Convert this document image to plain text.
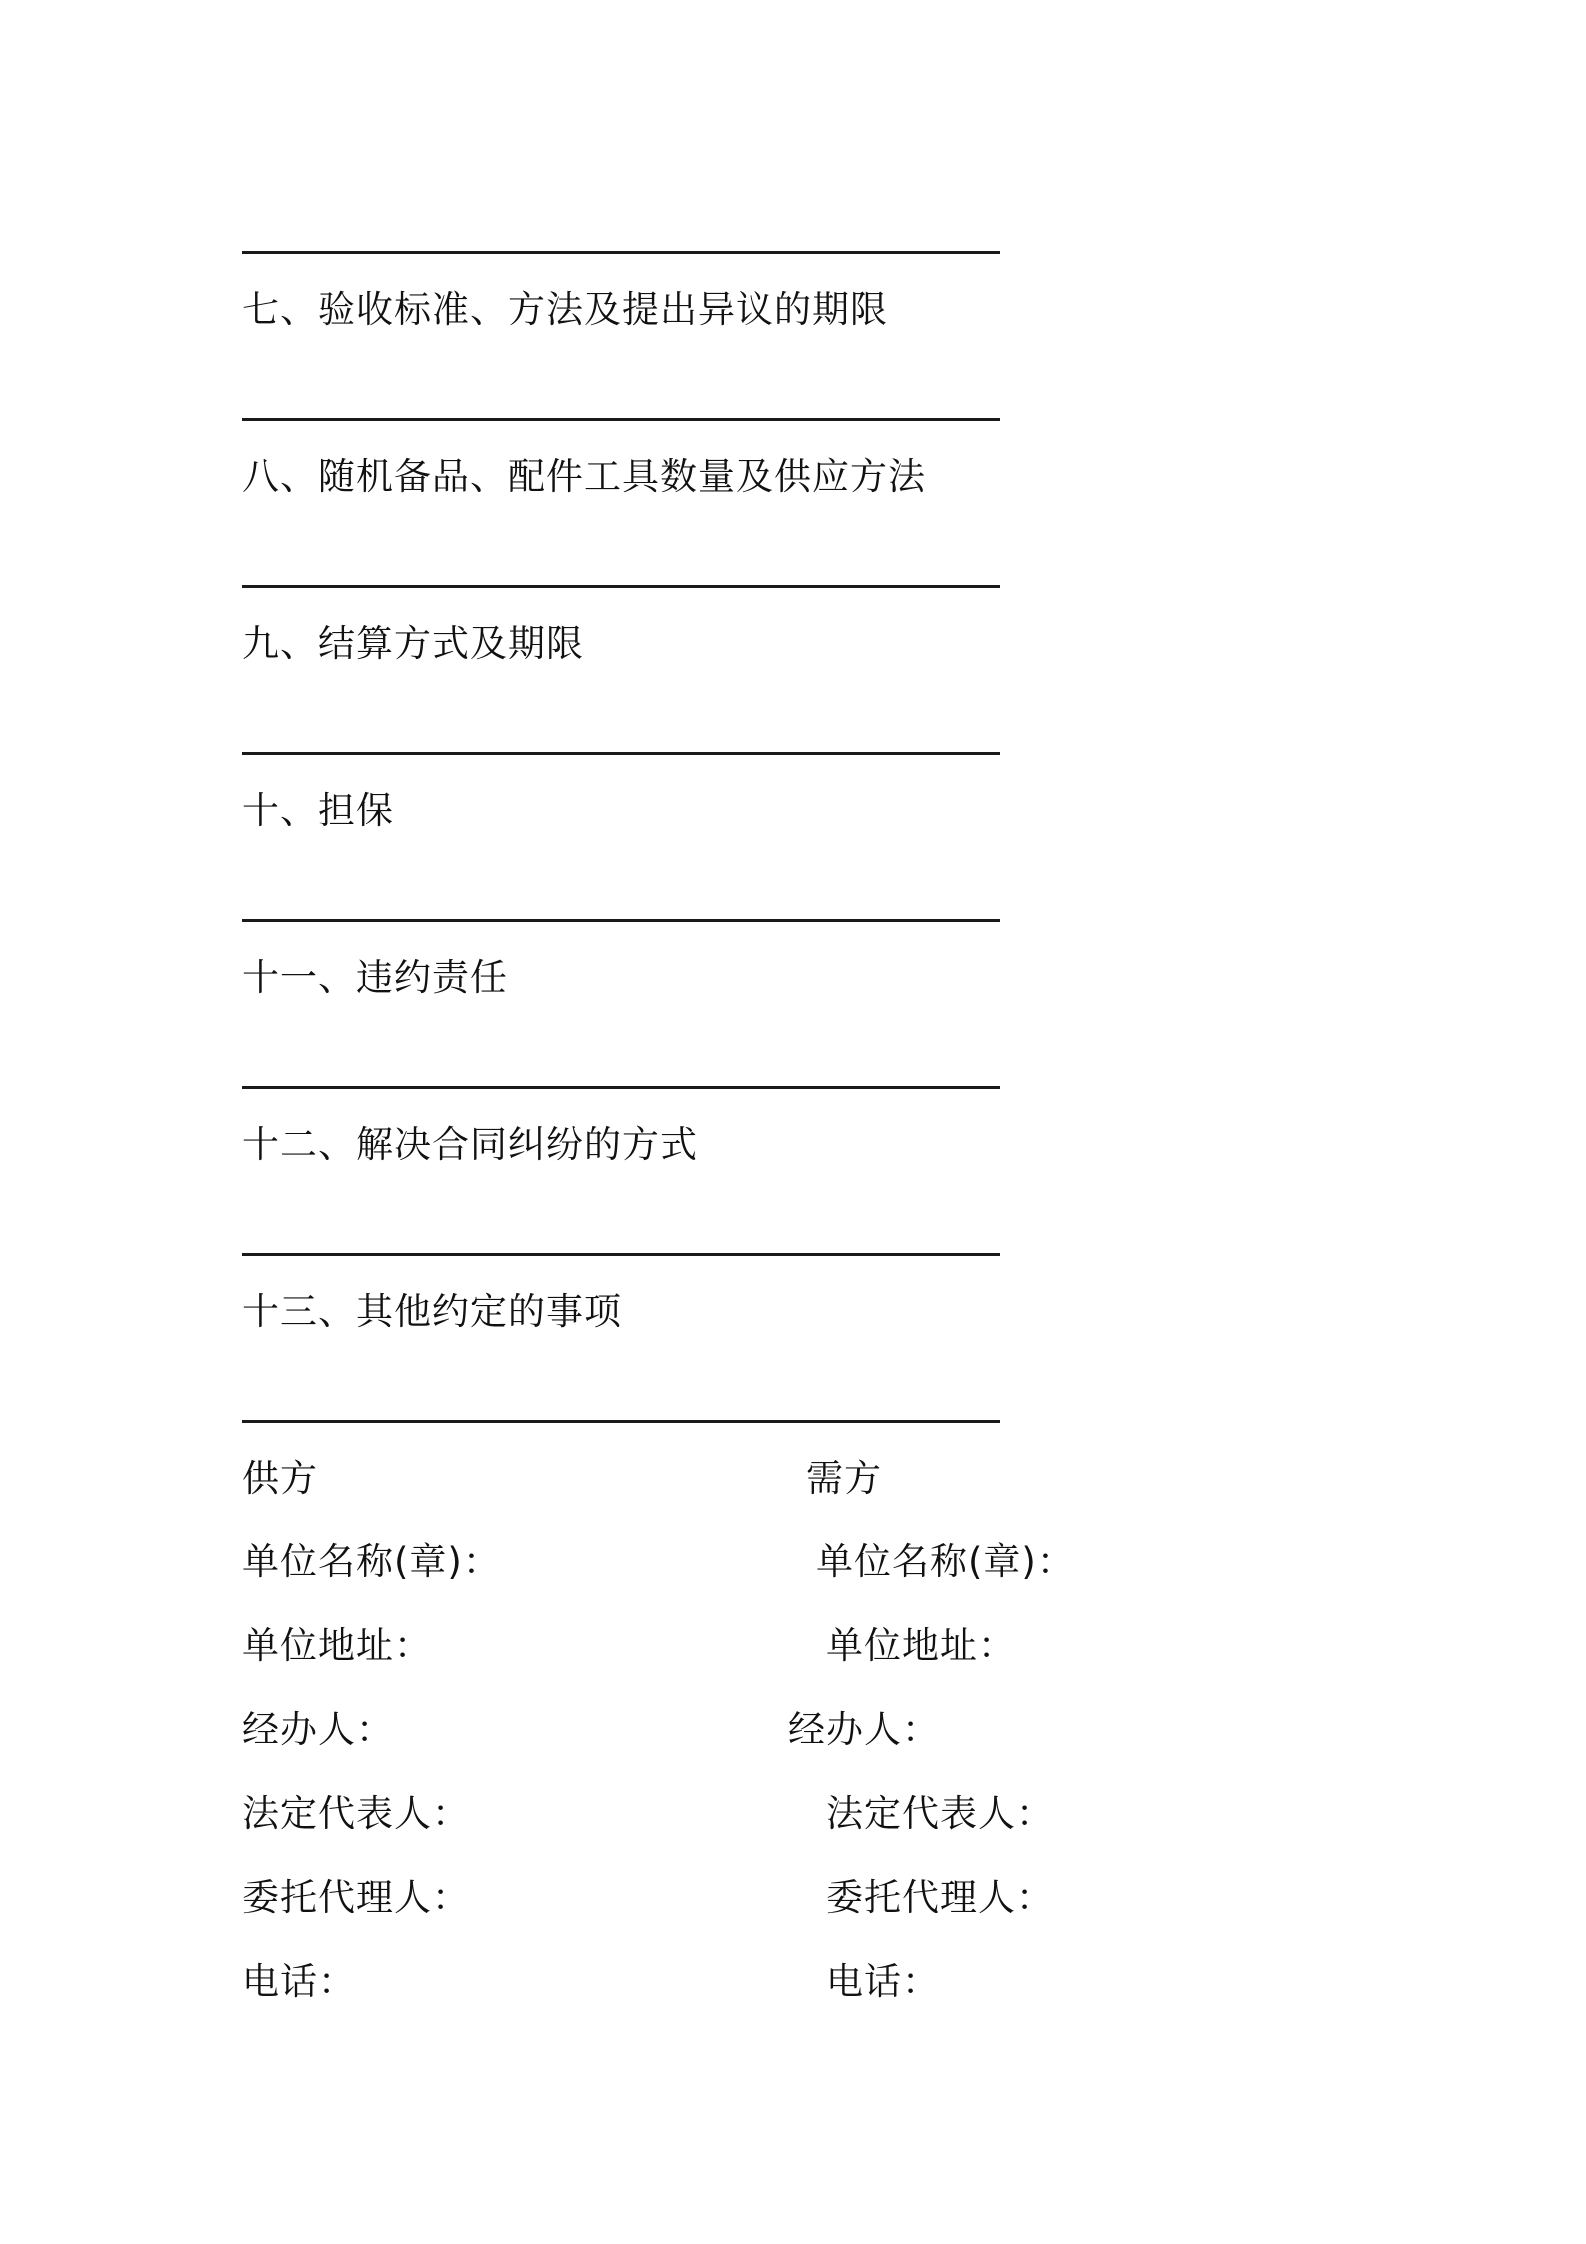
七、验收标准、方法及提出异议的期限
八、随机备品、配件工具数量及供应方法
九、结算方式及期限
十、担保
十一、违约责任
十二、解决合同纠纷的方式
十三、其他约定的事项
供方
单位名称(章)：
单位地址：
经办人：
法定代表人：
委托代理人：
电话：
需方
单位名称(章)：
单位地址：
经办人：
法定代表人：
委托代理人：
电话：
